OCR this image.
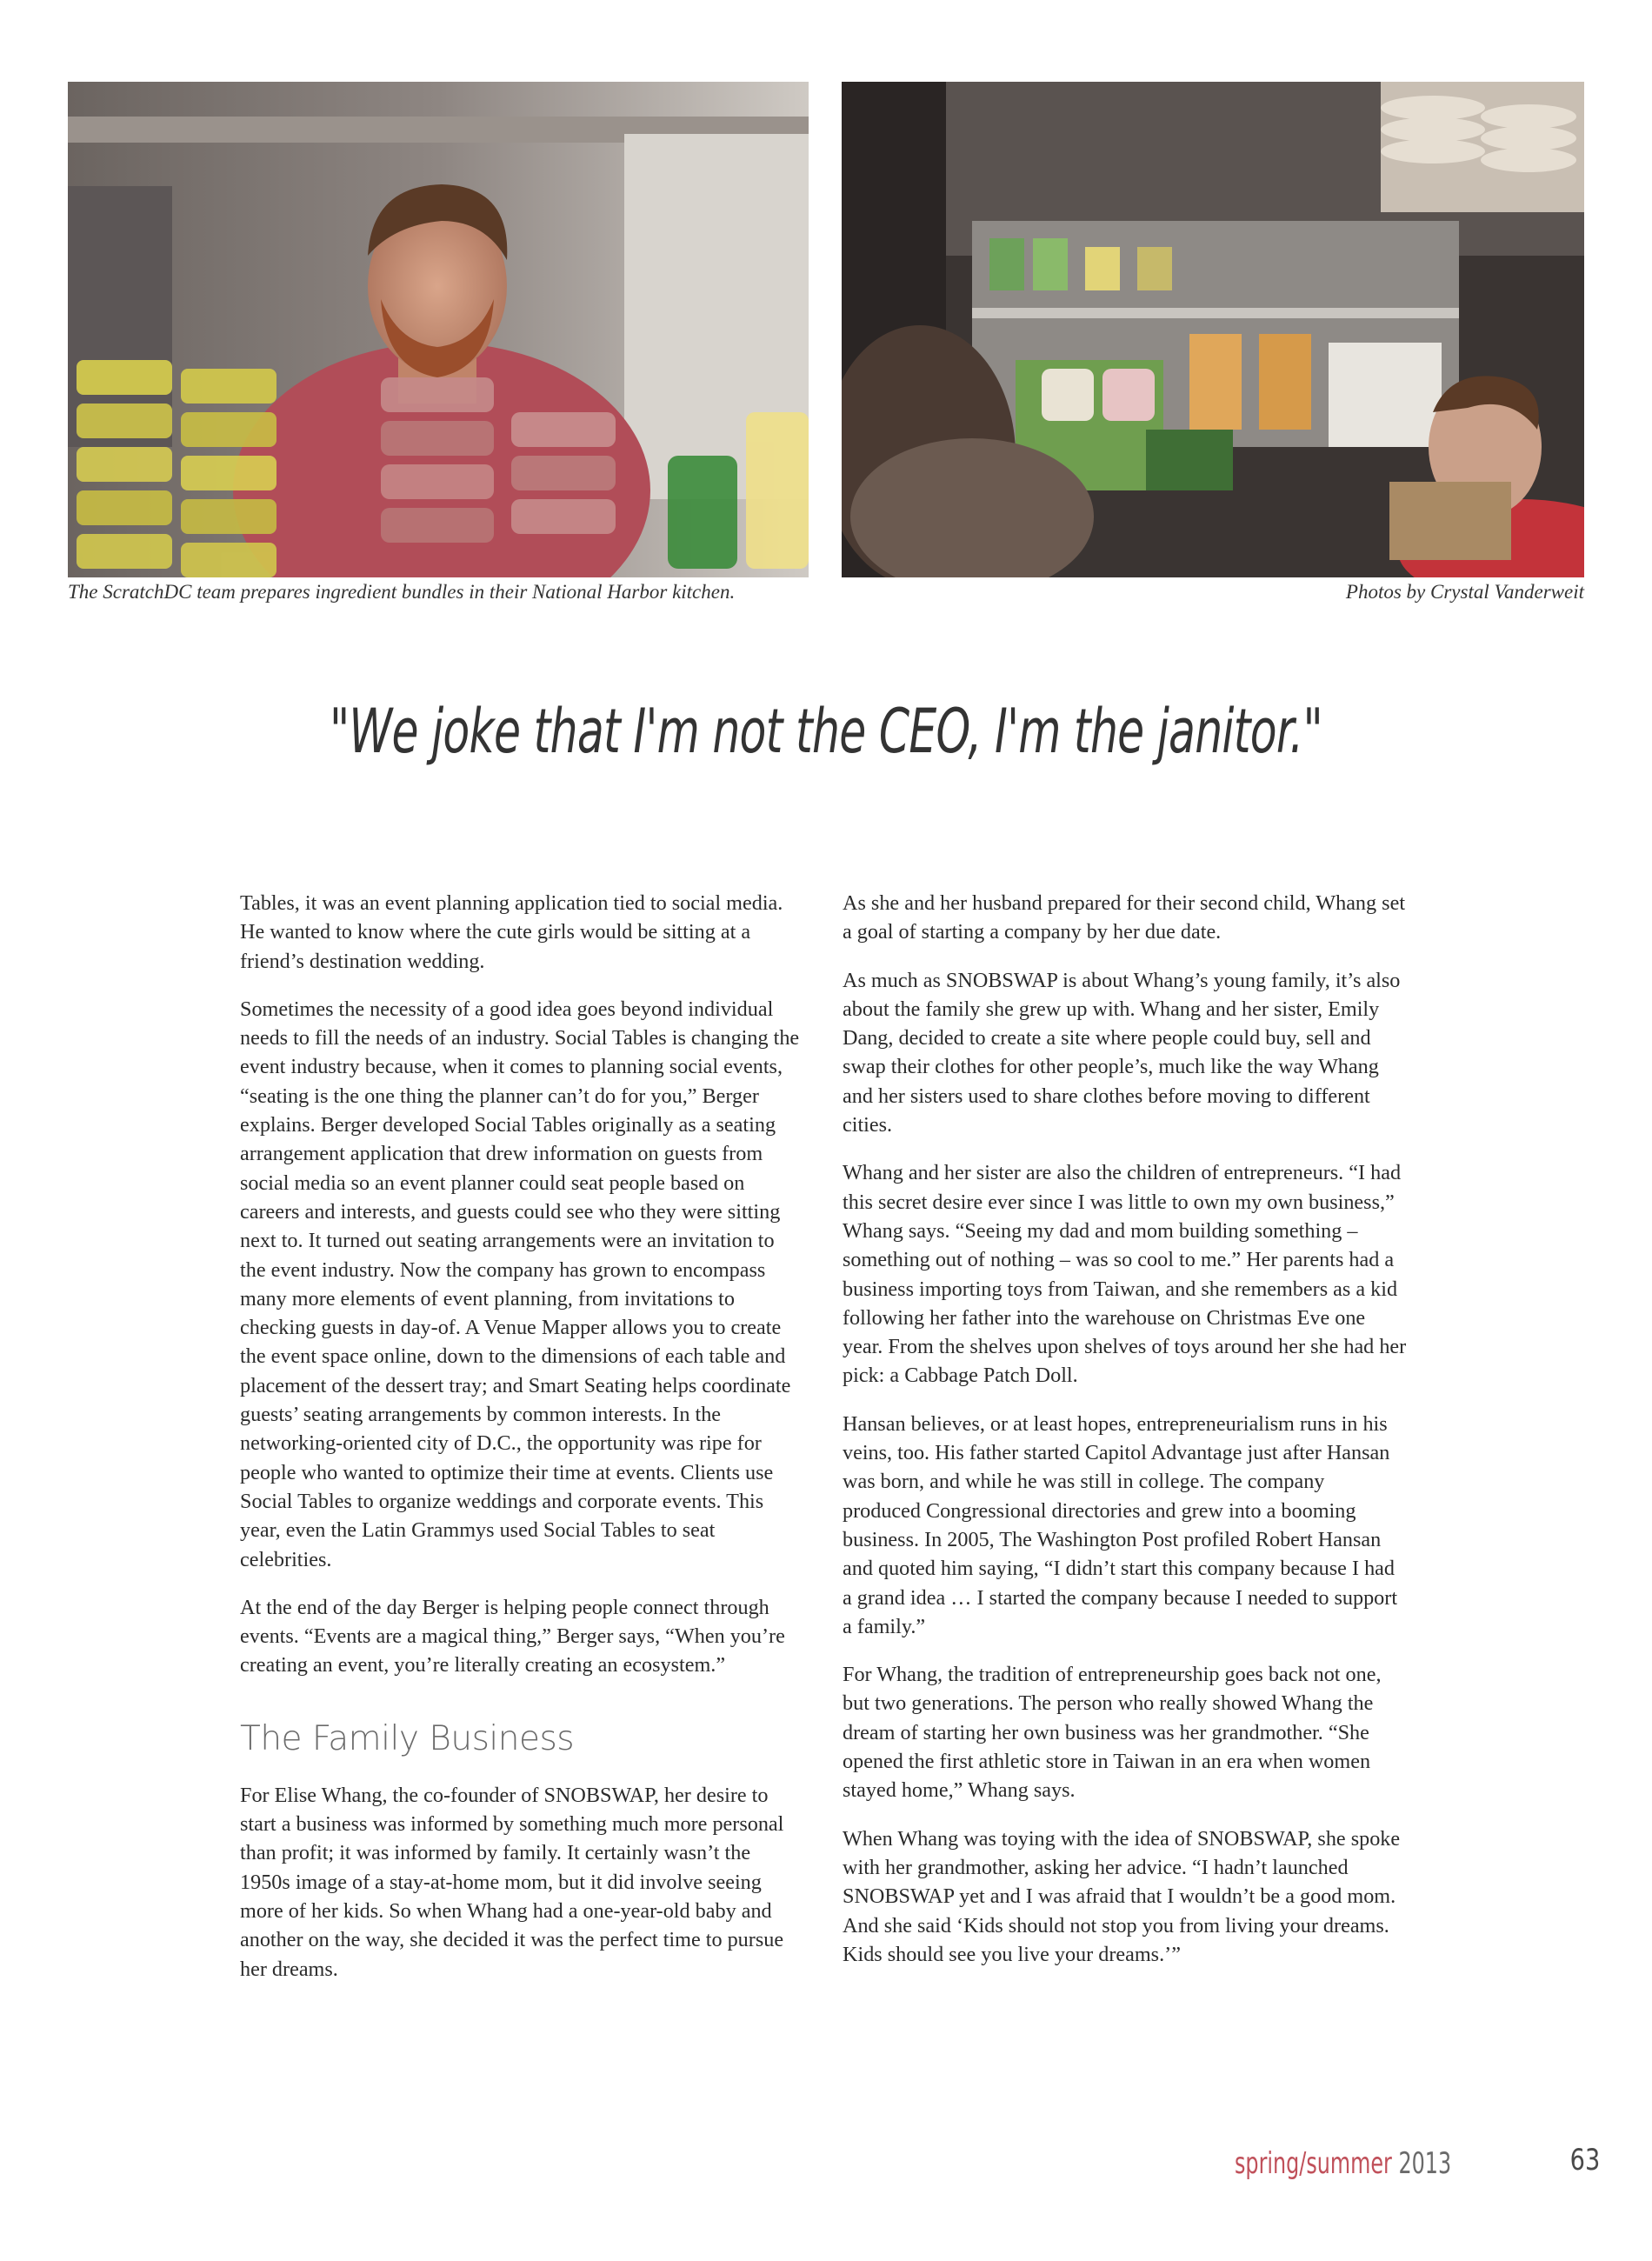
The ScratchDC team prepares ingredient bundles in their National Harbor kitchen.	Photos by Crystal Vanderweit
"We joke that I'm not the CEO, I'm the janitor."

Tables, it was an event planning application tied to social media. He wanted to know where the cute girls would be sitting at a friend’s destination wedding.

Sometimes the necessity of a good idea goes beyond individual needs to fill the needs of an industry. Social Tables is changing the event industry because, when it comes to planning social events, “seating is the one thing the planner can’t do for you,” Berger explains. Berger developed Social Tables originally as a seating arrangement application that drew information on guests from social media so an event planner could seat people based on careers and interests, and guests could see who they were sitting next to. It turned out seating arrangements were an invitation to the event industry. Now the company has grown to encompass many more elements of event planning, from invitations to checking guests in day-of. A Venue Mapper allows you to create the event space online, down to the dimensions of each table and placement of the dessert tray; and Smart Seating helps coordinate guests’ seating arrangements by common interests. In the networking-oriented city of D.C., the opportunity was ripe for people who wanted to optimize their time at events. Clients use Social Tables to organize weddings and corporate events. This year, even the Latin Grammys used Social Tables to seat celebrities.

At the end of the day Berger is helping people connect through events. “Events are a magical thing,” Berger says, “When you’re creating an event, you’re literally creating an ecosystem.”

The Family Business

For Elise Whang, the co-founder of SNOBSWAP, her desire to start a business was informed by something much more personal than profit; it was informed by family. It certainly wasn’t the 1950s image of a stay-at-home mom, but it did involve seeing more of her kids. So when Whang had a one-year-old baby and another on the way, she decided it was the perfect time to pursue her dreams.

As she and her husband prepared for their second child, Whang set a goal of starting a company by her due date.

As much as SNOBSWAP is about Whang’s young family, it’s also about the family she grew up with. Whang and her sister, Emily Dang, decided to create a site where people could buy, sell and swap their clothes for other people’s, much like the way Whang and her sisters used to share clothes before moving to different cities.

Whang and her sister are also the children of entrepreneurs. “I had this secret desire ever since I was little to own my own business,” Whang says. “Seeing my dad and mom building something – something out of nothing – was so cool to me.” Her parents had a business importing toys from Taiwan, and she remembers as a kid following her father into the warehouse on Christmas Eve one year. From the shelves upon shelves of toys around her she had her pick: a Cabbage Patch Doll.

Hansan believes, or at least hopes, entrepreneurialism runs in his veins, too. His father started Capitol Advantage just after Hansan was born, and while he was still in college. The company produced Congressional directories and grew into a booming business. In 2005, The Washington Post profiled Robert Hansan and quoted him saying, “I didn’t start this company because I had a grand idea … I started the company because I needed to support a family.”

For Whang, the tradition of entrepreneurship goes back not one, but two generations. The person who really showed Whang the dream of starting her own business was her grandmother. “She opened the first athletic store in Taiwan in an era when women stayed home,” Whang says.

When Whang was toying with the idea of SNOBSWAP, she spoke with her grandmother, asking her advice. “I hadn’t launched SNOBSWAP yet and I was afraid that I wouldn’t be a good mom. And she said ‘Kids should not stop you from living your dreams. Kids should see you live your dreams.’”

spring/summer 2013	63
